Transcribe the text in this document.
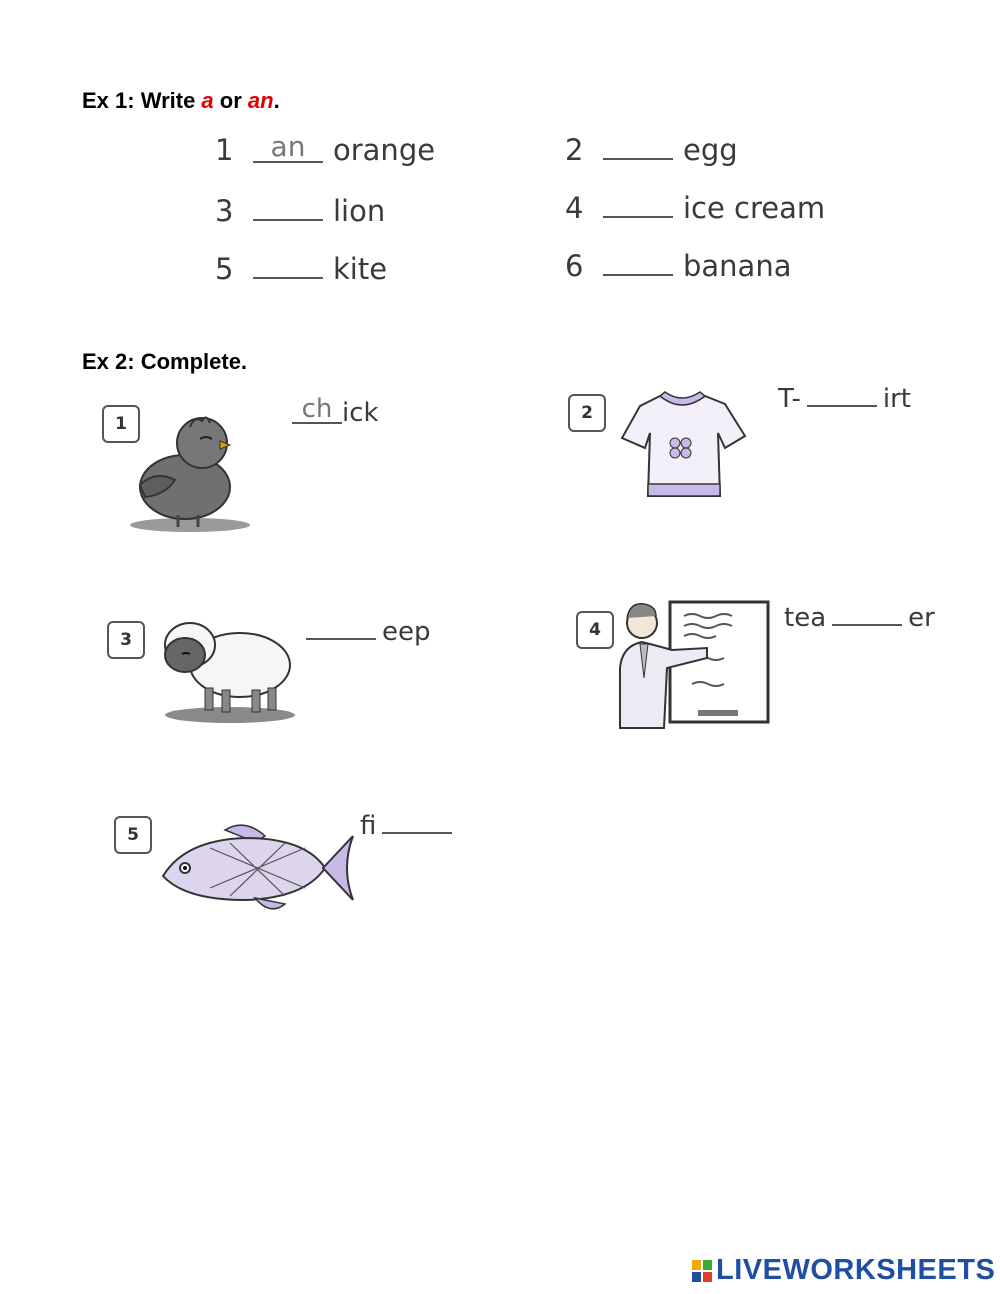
Ex 1: Write a or an.
1 an orange	2	egg
3	lion	4	ice cream
5	kite	6	banana
Ex 2: Complete.
1	ch ick	2	T-	irt
3	eep	4	tea	er
5	fi
LIVEWORKSHEETS
